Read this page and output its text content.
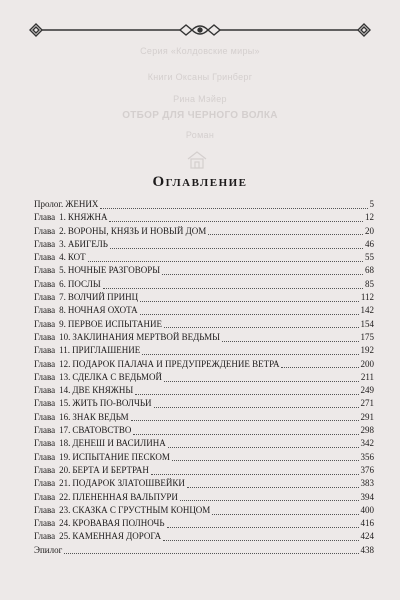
Серия «Колдовские миры»
Книги Оксаны Гринберг
Рина Мэйер
ОТБОР ДЛЯ ЧЕРНОГО ВОЛКА
Роман
Оглавление
Пролог. ЖЕНИХ	5
Глава 1. КНЯЖНА	12
Глава 2. ВОРОНЫ, КНЯЗЬ И НОВЫЙ ДОМ	20
Глава 3. АБИГЕЛЬ	46
Глава 4. КОТ	55
Глава 5. НОЧНЫЕ РАЗГОВОРЫ	68
Глава 6. ПОСЛЫ	85
Глава 7. ВОЛЧИЙ ПРИНЦ	112
Глава 8. НОЧНАЯ ОХОТА	142
Глава 9. ПЕРВОЕ ИСПЫТАНИЕ	154
Глава 10. ЗАКЛИНАНИЯ МЕРТВОЙ ВЕДЬМЫ	175
Глава 11. ПРИГЛАШЕНИЕ	192
Глава 12. ПОДАРОК ПАЛАЧА И ПРЕДУПРЕЖДЕНИЕ ВЕТРА	200
Глава 13. СДЕЛКА С ВЕДЬМОЙ	211
Глава 14. ДВЕ КНЯЖНЫ	249
Глава 15. ЖИТЬ ПО-ВОЛЧЬИ	271
Глава 16. ЗНАК ВЕДЬМ	291
Глава 17. СВАТОВСТВО	298
Глава 18. ДЕНЕШ И ВАСИЛИНА	342
Глава 19. ИСПЫТАНИЕ ПЕСКОМ	356
Глава 20. БЕРТА И БЕРТРАН	376
Глава 21. ПОДАРОК ЗЛАТОШВЕЙКИ	383
Глава 22. ПЛЕНЕННАЯ ВАЛЬПУРИ	394
Глава 23. СКАЗКА С ГРУСТНЫМ КОНЦОМ	400
Глава 24. КРОВАВАЯ ПОЛНОЧЬ	416
Глава 25. КАМЕННАЯ ДОРОГА	424
Эпилог	438
